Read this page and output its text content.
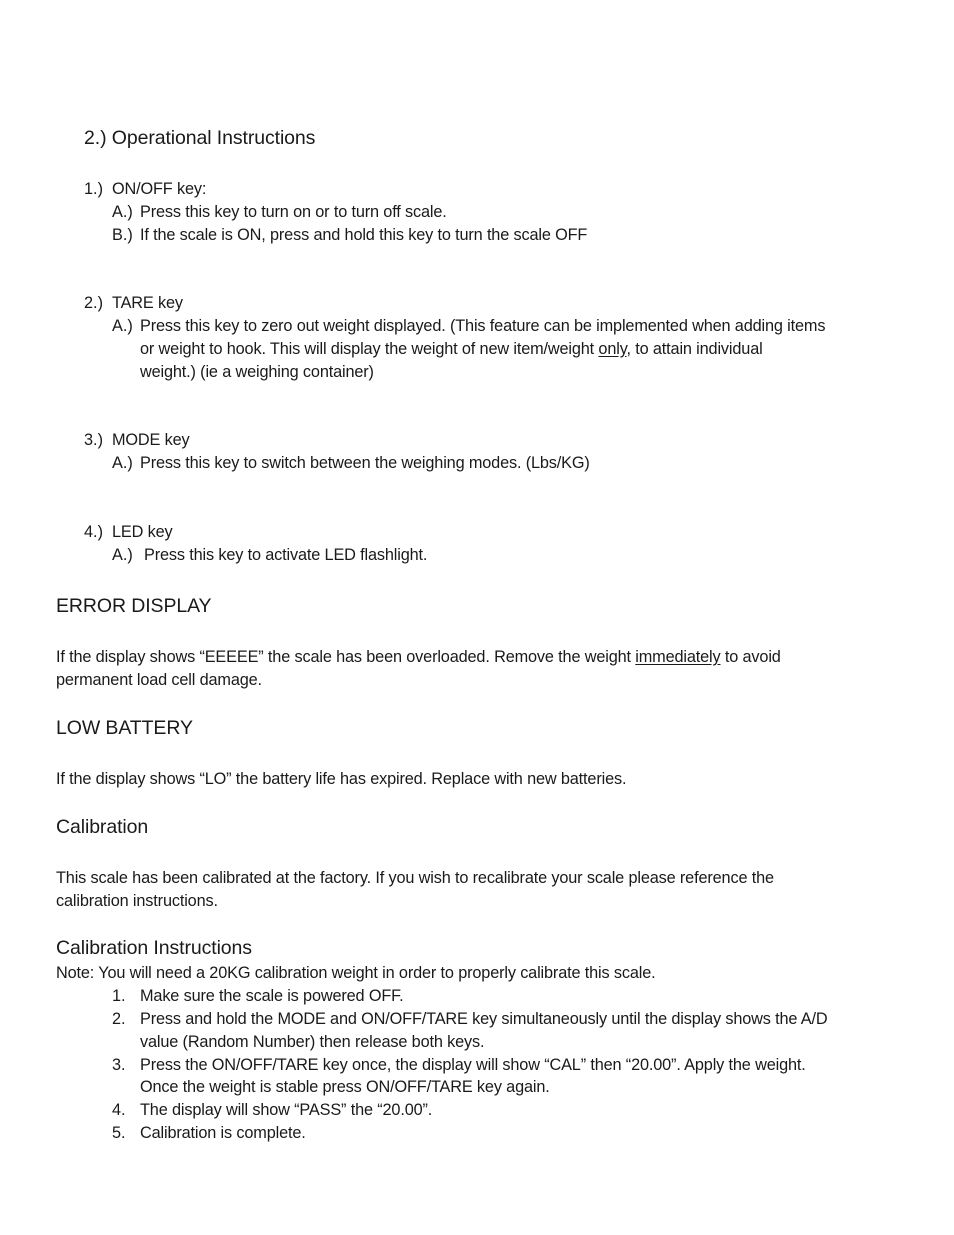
2.) Operational Instructions
1.) ON/OFF key:
A.) Press this key to turn on or to turn off scale.
B.) If the scale is ON, press and hold this key to turn the scale OFF
2.) TARE key
A.) Press this key to zero out weight displayed. (This feature can be implemented when adding items
or weight to hook. This will display the weight of new item/weight only, to attain individual
weight.) (ie a weighing container)
3.) MODE key
A.) Press this key to switch between the weighing modes. (Lbs/KG)
4.) LED key
A.) Press this key to activate LED flashlight.
ERROR DISPLAY
If the display shows “EEEEE” the scale has been overloaded. Remove the weight immediately to avoid
permanent load cell damage.
LOW BATTERY
If the display shows “LO” the battery life has expired. Replace with new batteries.
Calibration
This scale has been calibrated at the factory. If you wish to recalibrate your scale please reference the
calibration instructions.
Calibration Instructions
Note: You will need a 20KG calibration weight in order to properly calibrate this scale.
1. Make sure the scale is powered OFF.
2. Press and hold the MODE and ON/OFF/TARE key simultaneously until the display shows the A/D
value (Random Number) then release both keys.
3. Press the ON/OFF/TARE key once, the display will show “CAL” then “20.00”. Apply the weight.
Once the weight is stable press ON/OFF/TARE key again.
4. The display will show “PASS” the “20.00”.
5. Calibration is complete.
